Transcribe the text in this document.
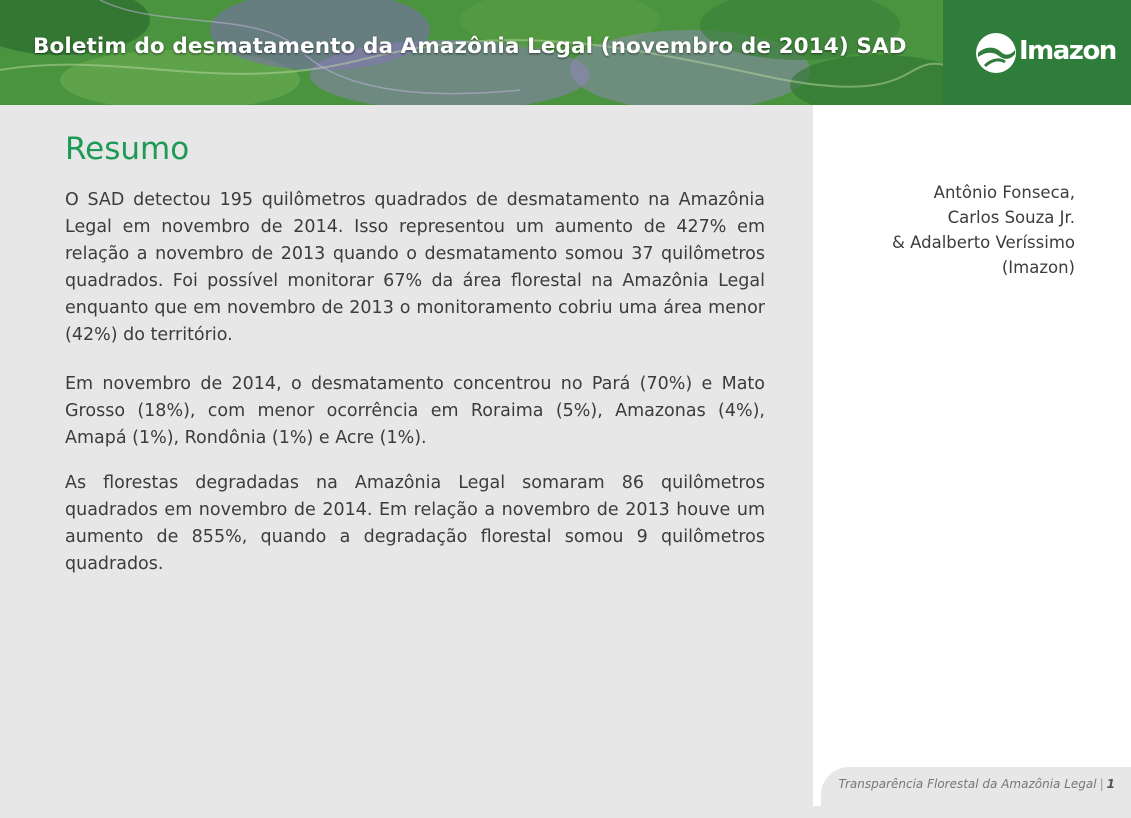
Boletim do desmatamento da Amazônia Legal (novembro de 2014) SAD	Imazon
Resumo

O SAD detectou 195 quilômetros quadrados de desmatamento na Amazônia Legal em novembro de 2014. Isso representou um aumento de 427% em relação a novembro de 2013 quando o desmatamento somou 37 quilômetros quadrados. Foi possível monitorar 67% da área florestal na Amazônia Legal enquanto que em novembro de 2013 o monitoramento cobriu uma área menor (42%) do território.

Em novembro de 2014, o desmatamento concentrou no Pará (70%) e Mato Grosso (18%), com menor ocorrência em Roraima (5%), Amazonas (4%), Amapá (1%), Rondônia (1%) e Acre (1%).

As florestas degradadas na Amazônia Legal somaram 86 quilômetros quadrados em novembro de 2014. Em relação a novembro de 2013 houve um aumento de 855%, quando a degradação florestal somou 9 quilômetros quadrados.

Antônio Fonseca,
Carlos Souza Jr.
& Adalberto Veríssimo
(Imazon)
Transparência Florestal da Amazônia Legal | 1
